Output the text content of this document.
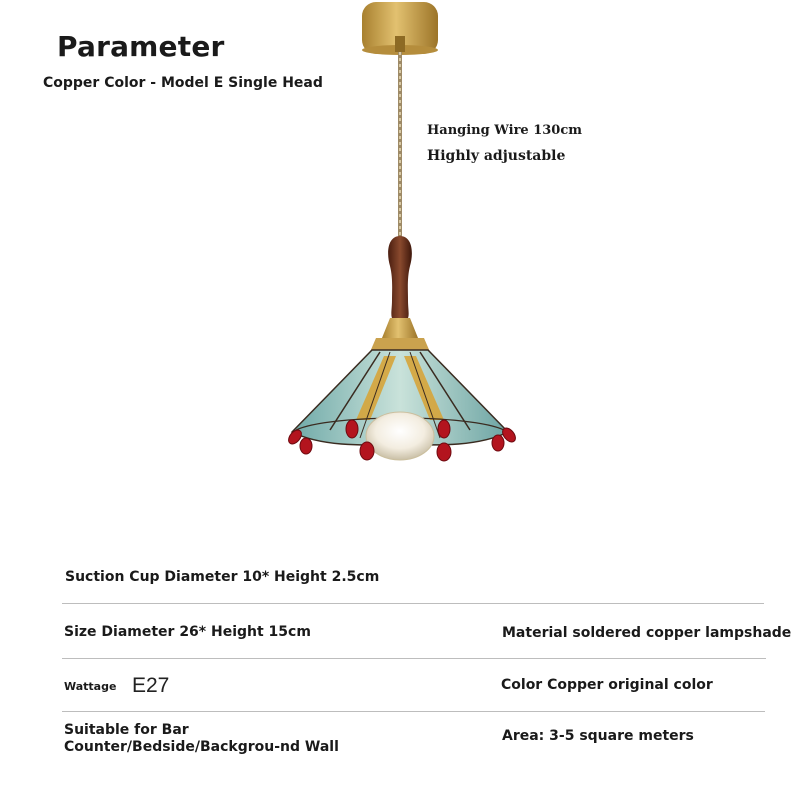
Parameter
Copper Color - Model E Single Head
Hanging Wire 130cm
Highly adjustable
Suction Cup Diameter 10* Height 2.5cm
Size Diameter 26* Height 15cm	Material soldered copper lampshade
Wattage E27	Color Copper original color
Suitable for Bar Counter/Bedside/Backgrou-nd Wall
Area: 3-5 square meters
